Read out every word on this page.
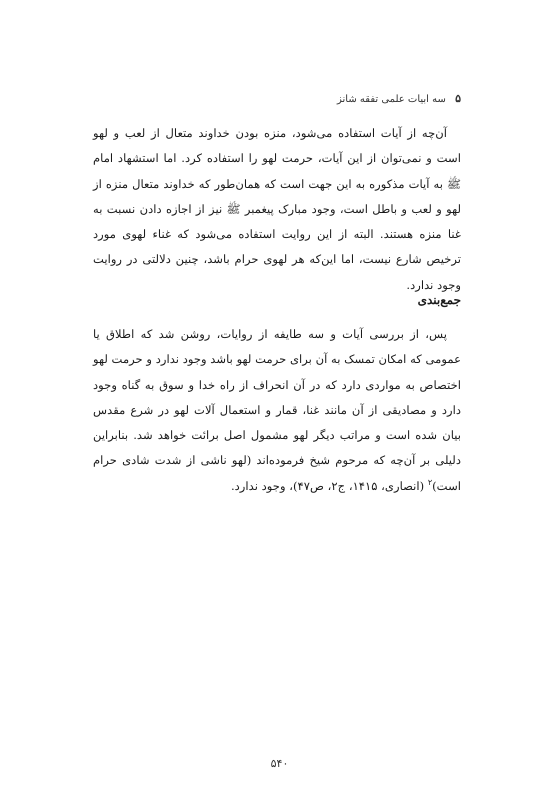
۵ سه ابیات علمی تفقه شانز

آن‌چه از آیات استفاده می‌شود، منزه بودن خداوند متعال از لعب و لهو است و نمی‌توان از این آیات، حرمت لهو را استفاده کرد. اما استشهاد امام ﷺ به آیات مذکوره به این جهت است که همان‌طور که خداوند متعال منزه از لهو و لعب و باطل است، وجود مبارک پیغمبر ﷺ نیز از اجازه دادن نسبت به غنا منزه هستند. البته از این روایت استفاده می‌شود که غناء لهوی مورد ترخیص شارع نیست، اما این‌که هر لهوی حرام باشد، چنین دلالتی در روایت وجود ندارد.

جمع‌بندی

پس، از بررسی آیات و سه طایفه از روایات، روشن شد که اطلاق یا عمومی که امکان تمسک به آن برای حرمت لهو باشد وجود ندارد و حرمت لهو اختصاص به مواردی دارد که در آن انحراف از راه خدا و سوق به گناه وجود دارد و مصادیقی از آن مانند غنا، قمار و استعمال آلات لهو در شرع مقدس بیان شده است و مراتب دیگر لهو مشمول اصل برائت خواهد شد. بنابراین دلیلی بر آن‌چه که مرحوم شیخ فرموده‌اند (لهو ناشی از شدت شادی حرام است)$^۲$ (انصاری، ۱۴۱۵، ج۲، ص۴۷)، وجود ندارد.

۵۴۰
